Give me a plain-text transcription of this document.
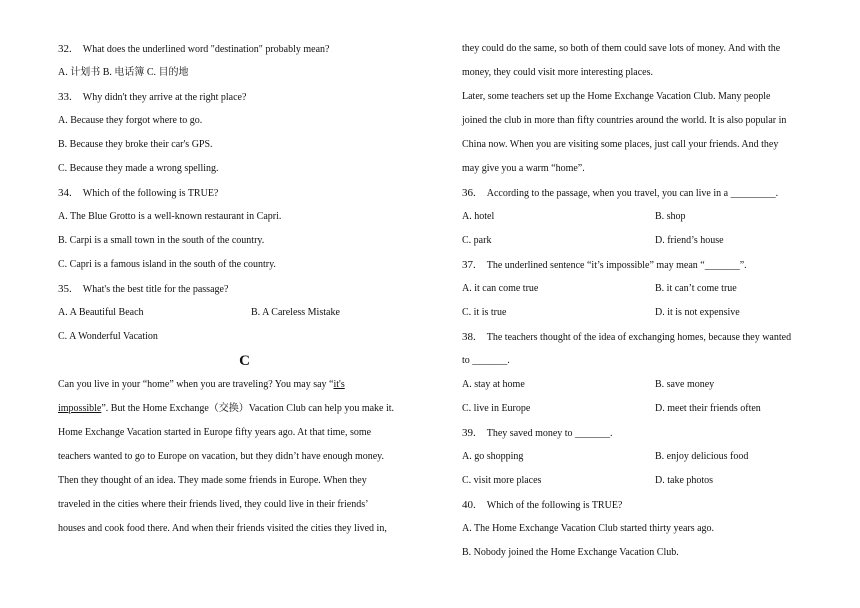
32. What does the underlined word "destination" probably mean?
A. 计划书 B. 电话簿 C. 目的地
33. Why didn't they arrive at the right place?
A. Because they forgot where to go.
B. Because they broke their car's GPS.
C. Because they made a wrong spelling.
34. Which of the following is TRUE?
A. The Blue Grotto is a well-known restaurant in Capri.
B. Carpi is a small town in the south of the country.
C. Capri is a famous island in the south of the country.
35. What's the best title for the passage?
A. A Beautiful Beach	B. A Careless Mistake
C. A Wonderful Vacation
C
Can you live in your “home” when you are traveling? You may say “it's
impossible”. But the Home Exchange（交换）Vacation Club can help you make it.
Home Exchange Vacation started in Europe fifty years ago. At that time, some
teachers wanted to go to Europe on vacation, but they didn’t have enough money.
Then they thought of an idea. They made some friends in Europe. When they
traveled in the cities where their friends lived, they could live in their friends’
houses and cook food there. And when their friends visited the cities they lived in,
they could do the same, so both of them could save lots of money. And with the
money, they could visit more interesting places.
Later, some teachers set up the Home Exchange Vacation Club. Many people
joined the club in more than fifty countries around the world. It is also popular in
China now. When you are visiting some places, just call your friends. And they
may give you a warm “home”.
36. According to the passage, when you travel, you can live in a _________.
A. hotel	B. shop
C. park	D. friend’s house
37. The underlined sentence “it’s impossible” may mean “_______”.
A. it can come true	B. it can’t come true
C. it is true	D. it is not expensive
38. The teachers thought of the idea of exchanging homes, because they wanted
to _______.
A. stay at home	B. save money
C. live in Europe	D. meet their friends often
39. They saved money to _______.
A. go shopping	B. enjoy delicious food
C. visit more places	D. take photos
40. Which of the following is TRUE?
A. The Home Exchange Vacation Club started thirty years ago.
B. Nobody joined the Home Exchange Vacation Club.
